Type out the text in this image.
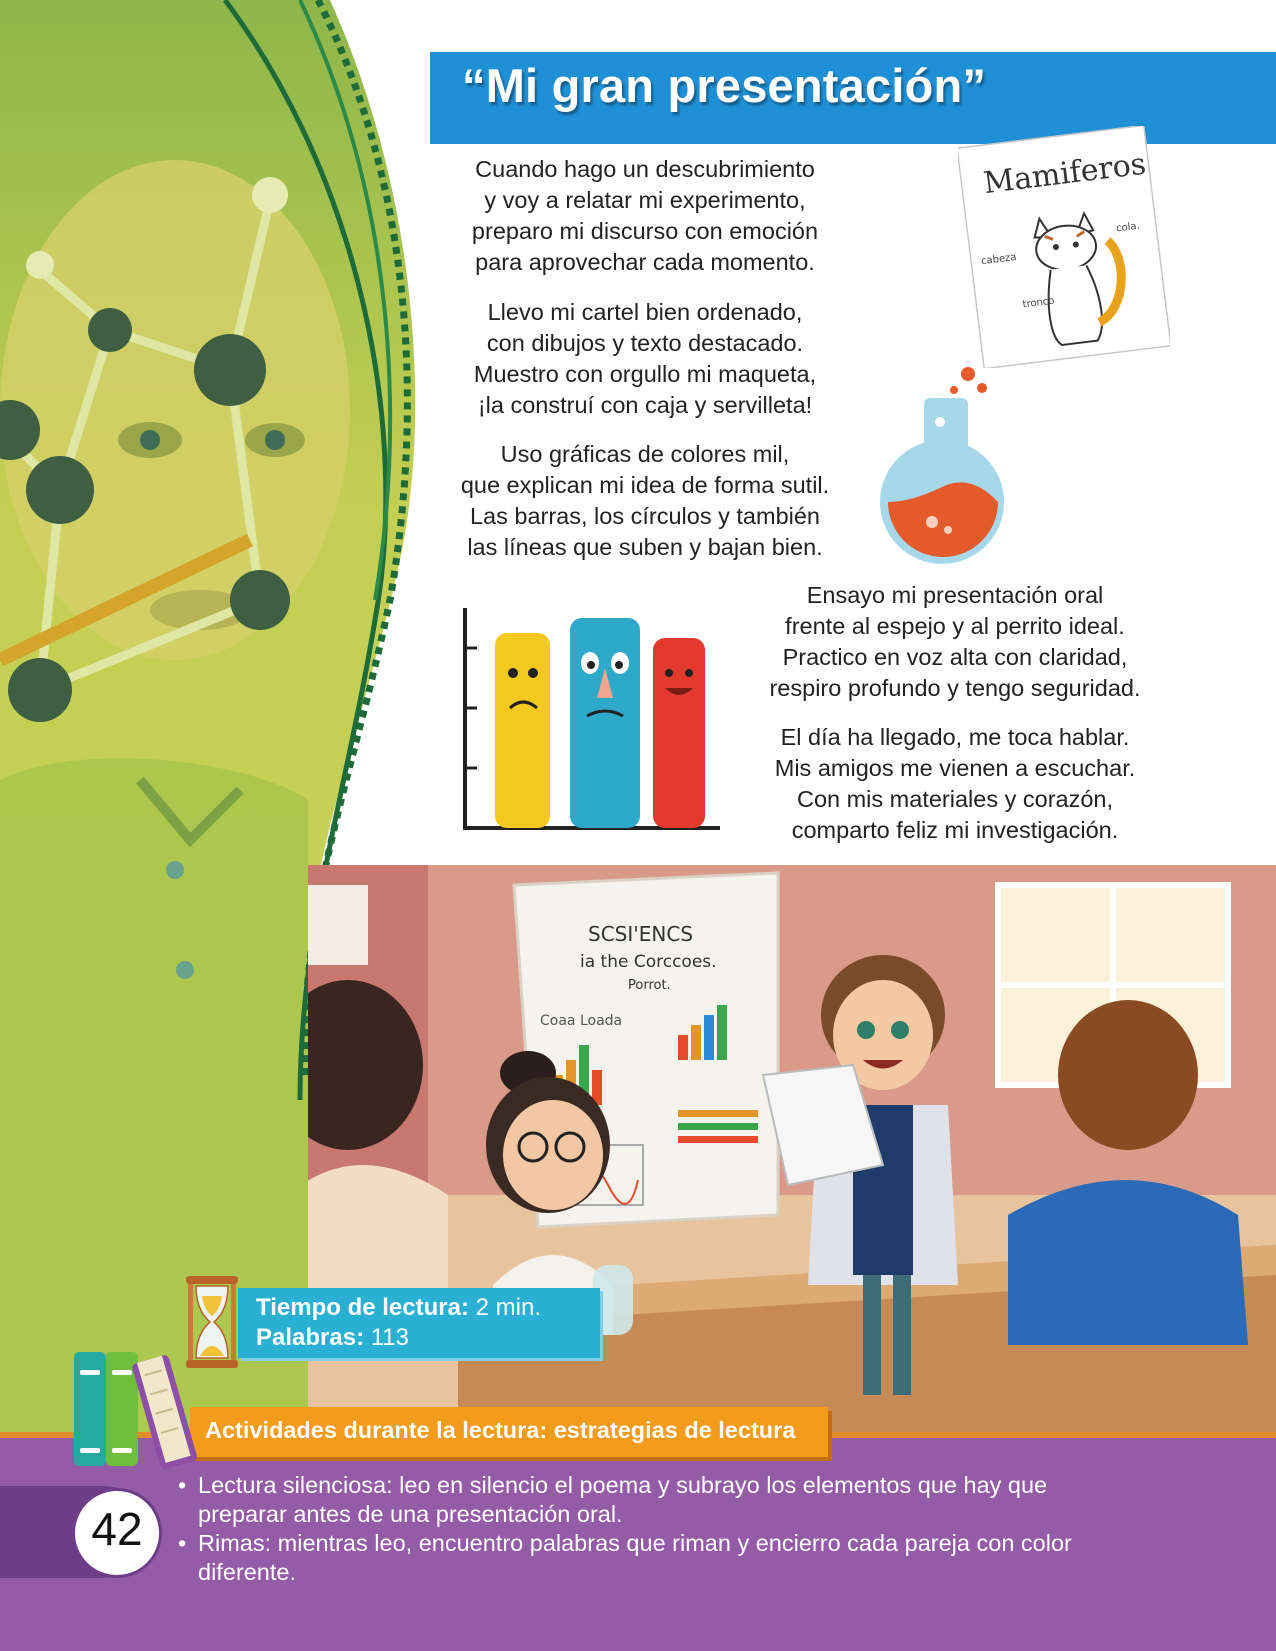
“Mi gran presentación”
Mamiferos
cabeza
cola.
tronco
Cuando hago un descubrimiento
y voy a relatar mi experimento,
preparo mi discurso con emoción
para aprovechar cada momento.
Llevo mi cartel bien ordenado,
con dibujos y texto destacado.
Muestro con orgullo mi maqueta,
¡la construí con caja y servilleta!
Uso gráficas de colores mil,
que explican mi idea de forma sutil.
Las barras, los círculos y también
las líneas que suben y bajan bien.
Ensayo mi presentación oral
frente al espejo y al perrito ideal.
Practico en voz alta con claridad,
respiro profundo y tengo seguridad.
El día ha llegado, me toca hablar.
Mis amigos me vienen a escuchar.
Con mis materiales y corazón,
comparto feliz mi investigación.
SCSI'ENCS
ia the Corccoes.
Porrot.
Coaa Loada
Tiempo de lectura: 2 min.
Palabras: 113
42
Actividades durante la lectura: estrategias de lectura
• Lectura silenciosa: leo en silencio el poema y subrayo los elementos que hay que
preparar antes de una presentación oral.
• Rimas: mientras leo, encuentro palabras que riman y encierro cada pareja con color
diferente.
